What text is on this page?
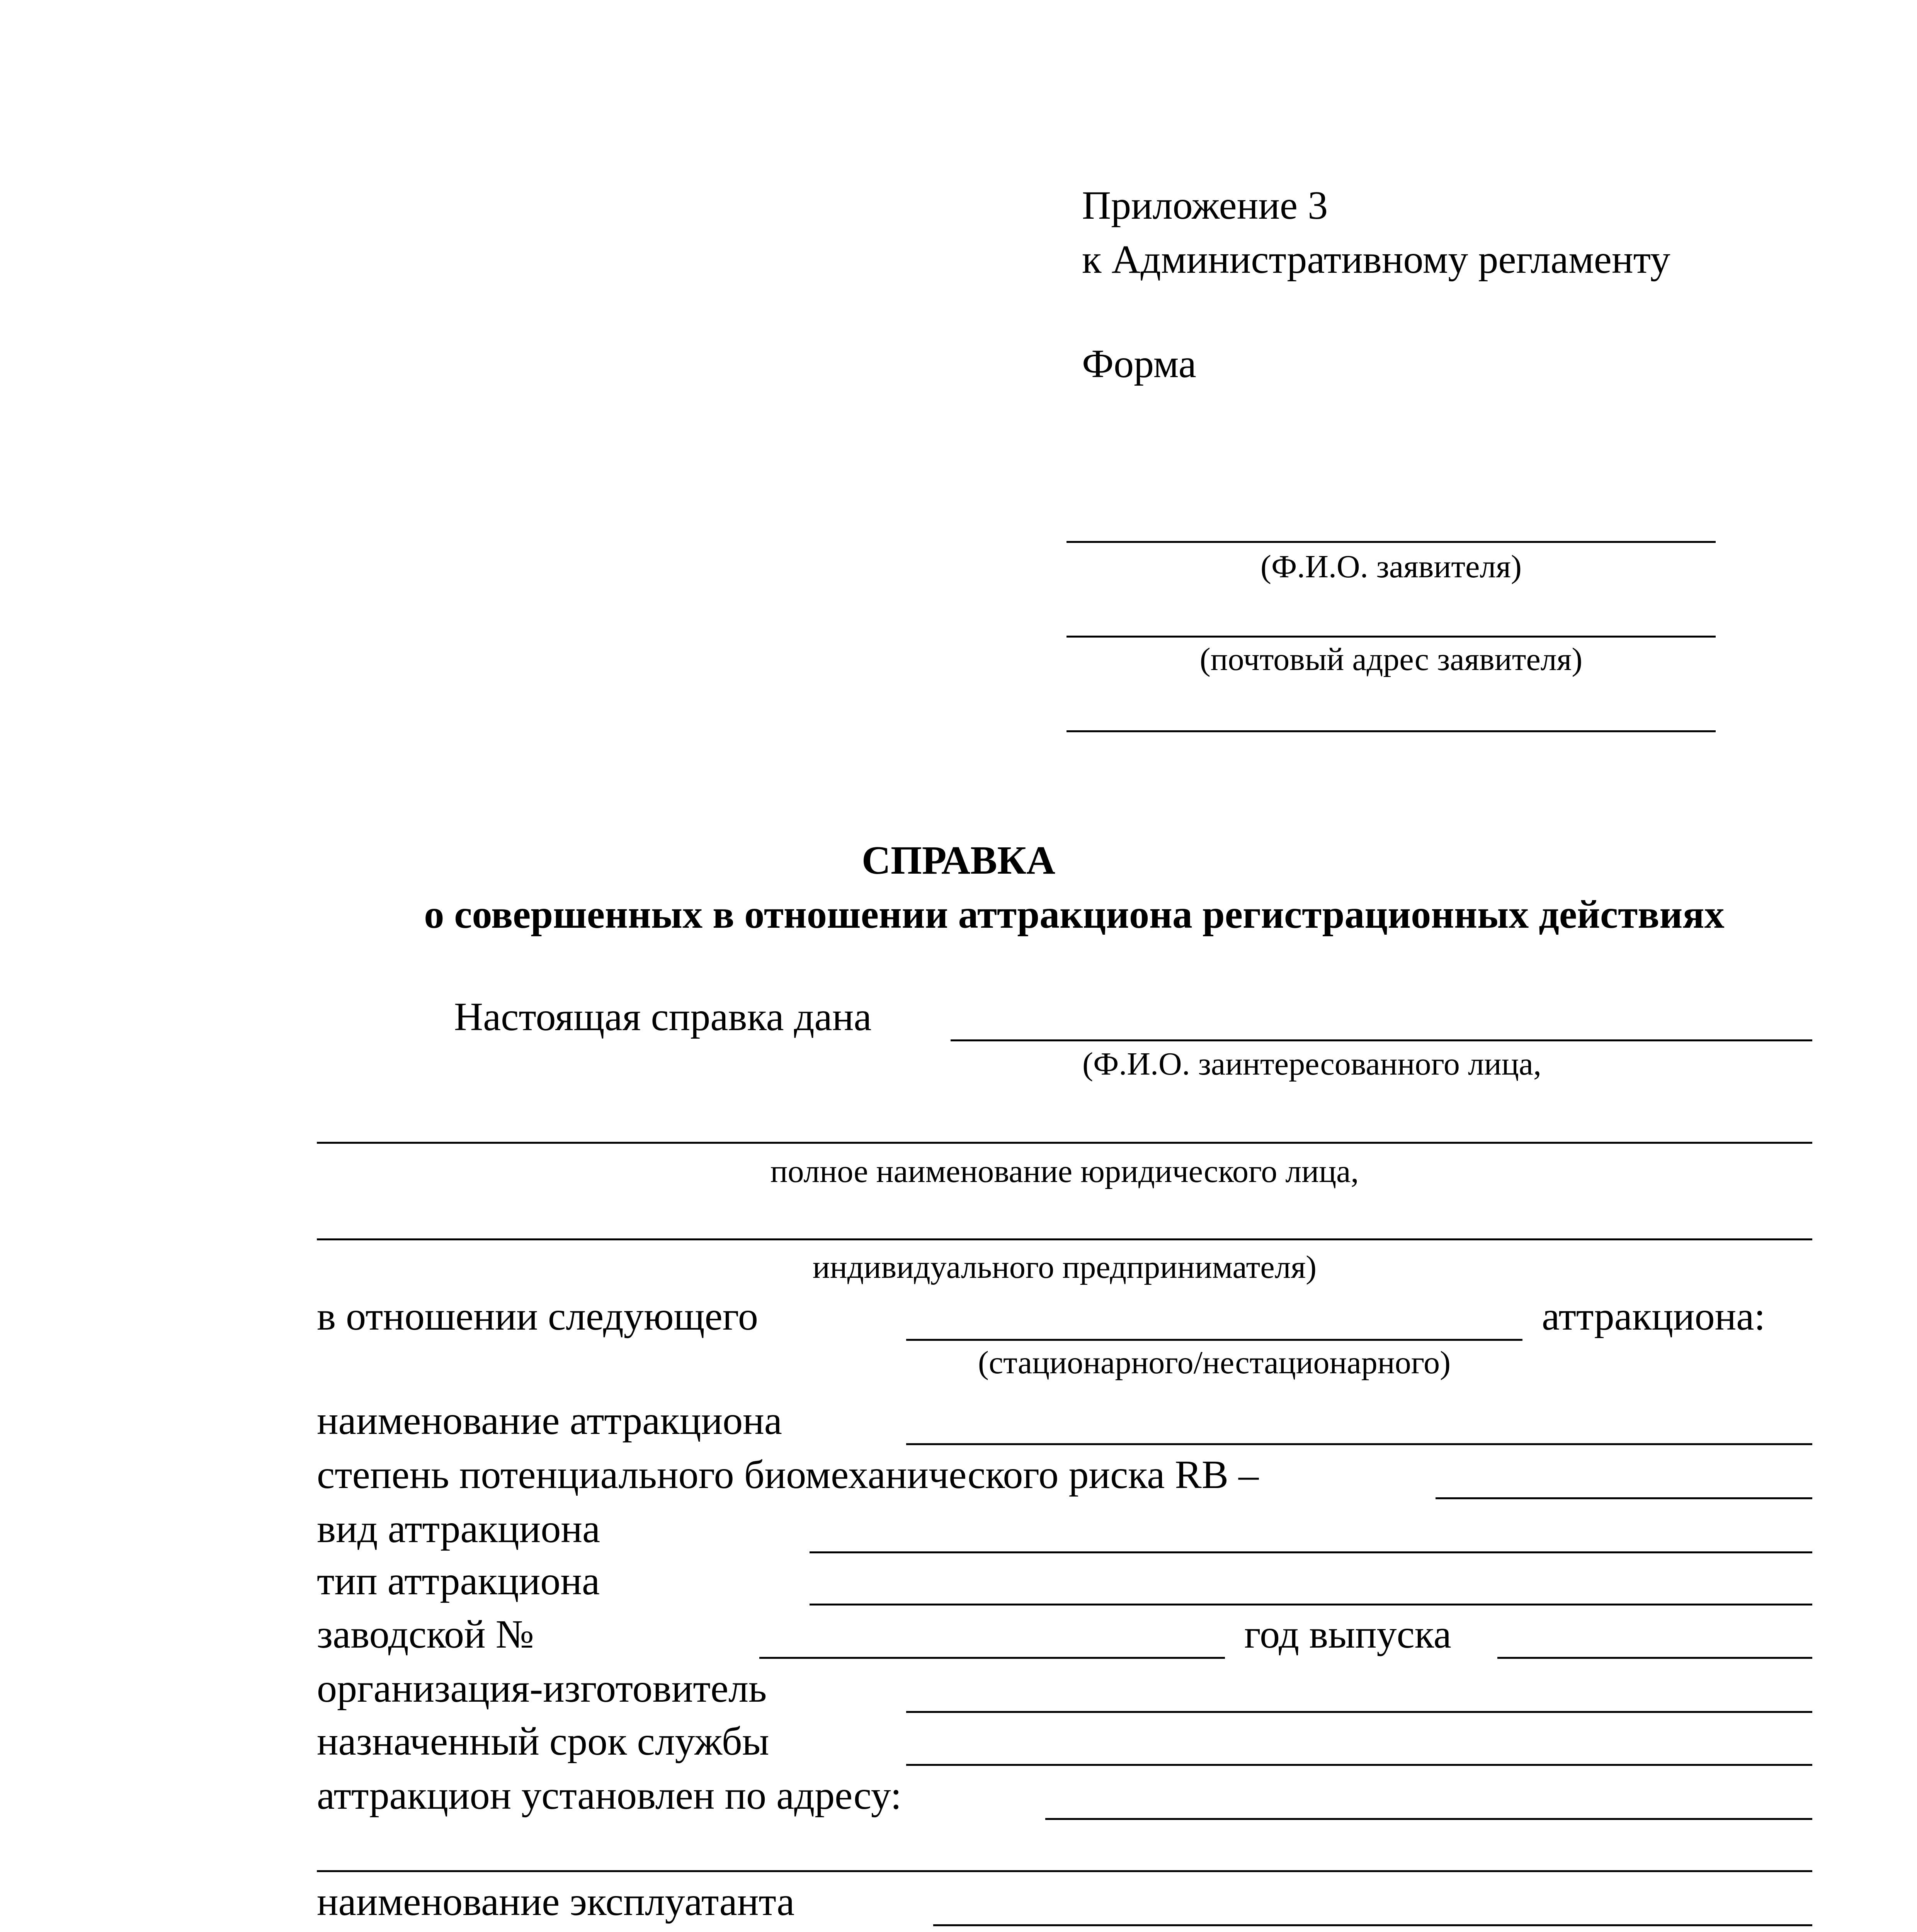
Приложение 3
к Административному регламенту
Форма
(Ф.И.О. заявителя)
(почтовый адрес заявителя)
СПРАВКА
о совершенных в отношении аттракциона регистрационных действиях
Настоящая справка дана
(Ф.И.О. заинтересованного лица,
полное наименование юридического лица,
индивидуального предпринимателя)
в отношении следующего	аттракциона:
(стационарного/нестационарного)
наименование аттракциона
степень потенциального биомеханического риска RB –
вид аттракциона
тип аттракциона
заводской №	год выпуска
организация-изготовитель
назначенный срок службы
аттракцион установлен по адресу:
наименование эксплуатанта
